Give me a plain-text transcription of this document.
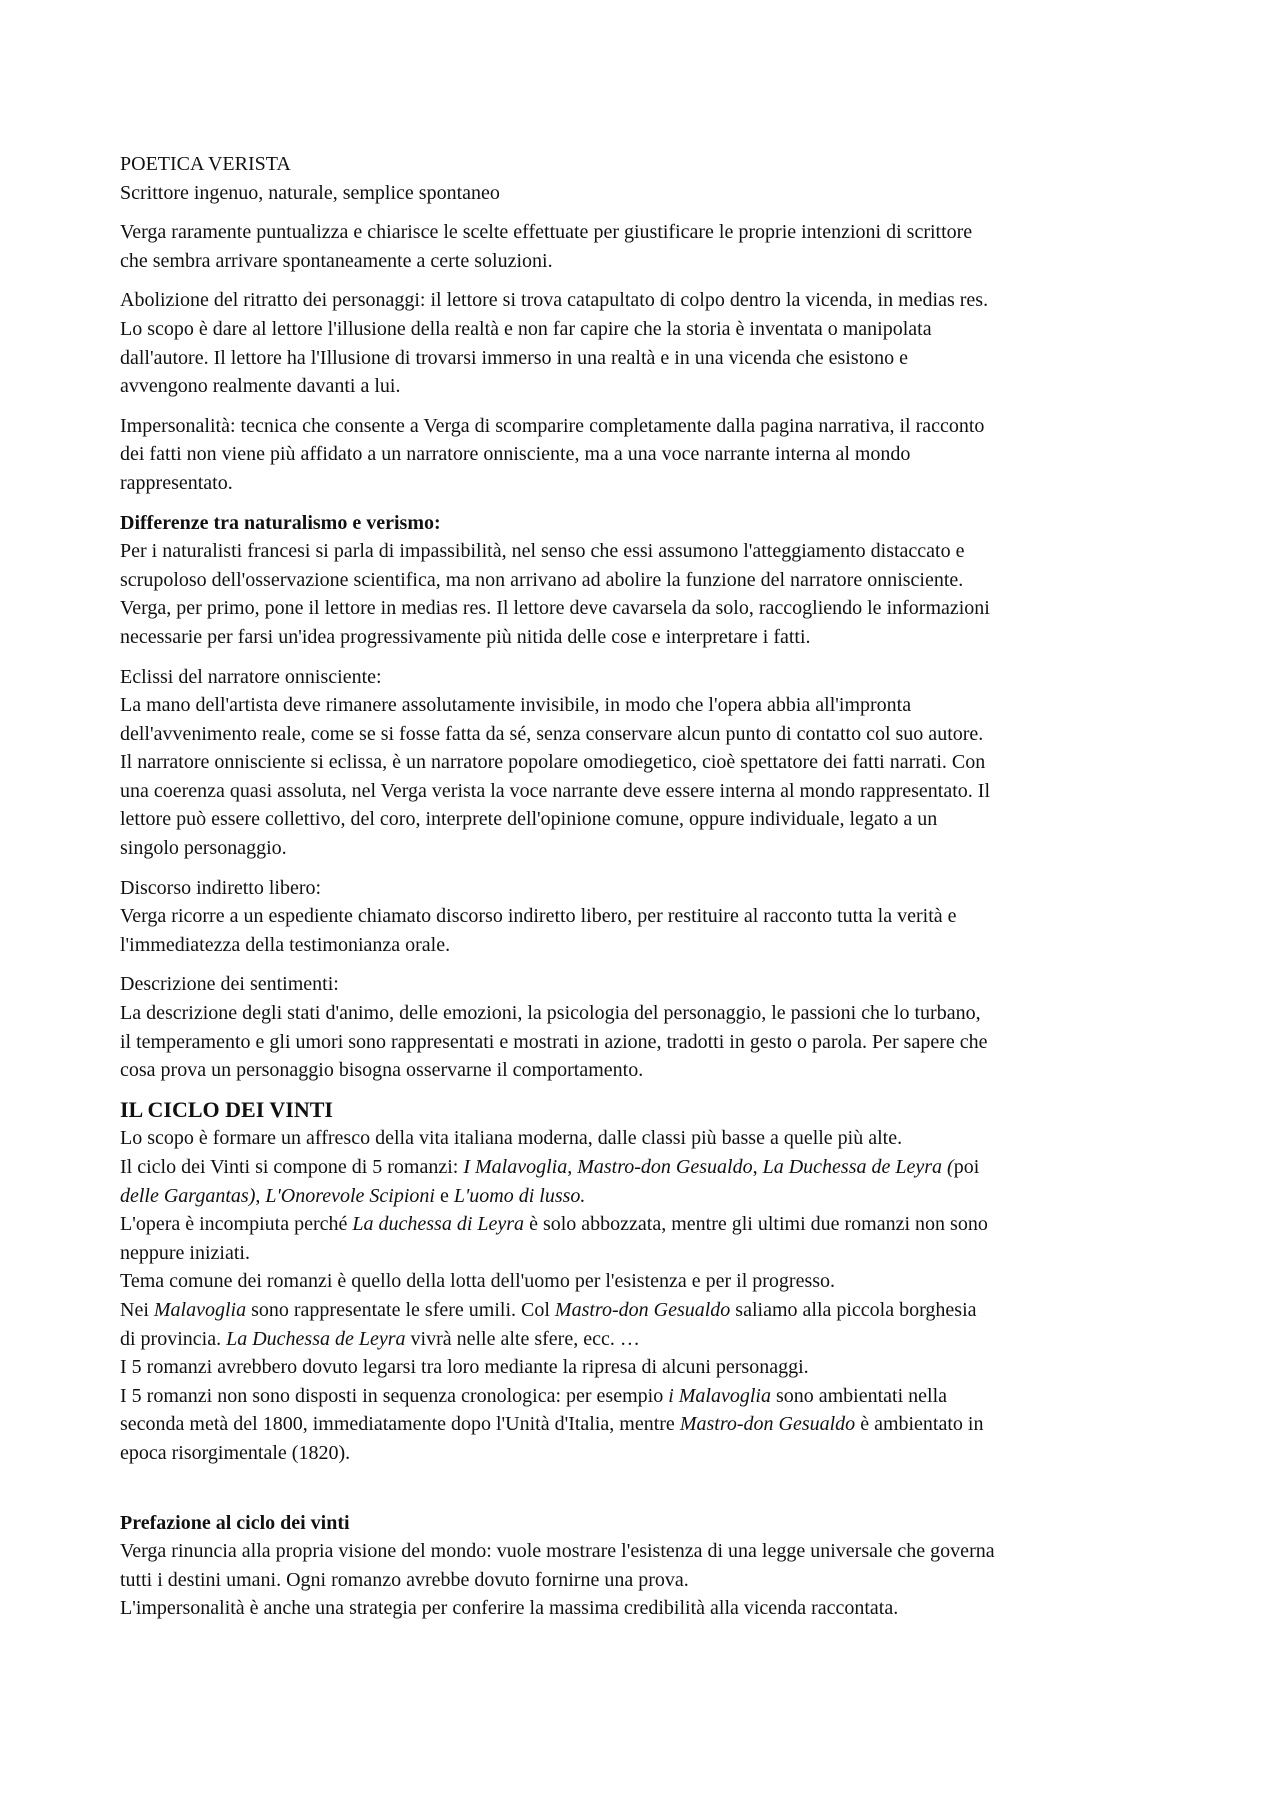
POETICA VERISTA
Scrittore ingenuo, naturale, semplice spontaneo
Verga raramente puntualizza e chiarisce le scelte effettuate per giustificare le proprie intenzioni di scrittore
che sembra arrivare spontaneamente a certe soluzioni.
Abolizione del ritratto dei personaggi: il lettore si trova catapultato di colpo dentro la vicenda, in medias res.
Lo scopo è dare al lettore l'illusione della realtà e non far capire che la storia è inventata o manipolata
dall'autore. Il lettore ha l'Illusione di trovarsi immerso in una realtà e in una vicenda che esistono e
avvengono realmente davanti a lui.
Impersonalità: tecnica che consente a Verga di scomparire completamente dalla pagina narrativa, il racconto
dei fatti non viene più affidato a un narratore onnisciente, ma a una voce narrante interna al mondo
rappresentato.
Differenze tra naturalismo e verismo:
Per i naturalisti francesi si parla di impassibilità, nel senso che essi assumono l'atteggiamento distaccato e
scrupoloso dell'osservazione scientifica, ma non arrivano ad abolire la funzione del narratore onnisciente.
Verga, per primo, pone il lettore in medias res. Il lettore deve cavarsela da solo, raccogliendo le informazioni
necessarie per farsi un'idea progressivamente più nitida delle cose e interpretare i fatti.
Eclissi del narratore onnisciente:
La mano dell'artista deve rimanere assolutamente invisibile, in modo che l'opera abbia all'impronta
dell'avvenimento reale, come se si fosse fatta da sé, senza conservare alcun punto di contatto col suo autore.
Il narratore onnisciente si eclissa, è un narratore popolare omodiegetico, cioè spettatore dei fatti narrati. Con
una coerenza quasi assoluta, nel Verga verista la voce narrante deve essere interna al mondo rappresentato. Il
lettore può essere collettivo, del coro, interprete dell'opinione comune, oppure individuale, legato a un
singolo personaggio.
Discorso indiretto libero:
Verga ricorre a un espediente chiamato discorso indiretto libero, per restituire al racconto tutta la verità e
l'immediatezza della testimonianza orale.
Descrizione dei sentimenti:
La descrizione degli stati d'animo, delle emozioni, la psicologia del personaggio, le passioni che lo turbano,
il temperamento e gli umori sono rappresentati e mostrati in azione, tradotti in gesto o parola. Per sapere che
cosa prova un personaggio bisogna osservarne il comportamento.
IL CICLO DEI VINTI
Lo scopo è formare un affresco della vita italiana moderna, dalle classi più basse a quelle più alte.
Il ciclo dei Vinti si compone di 5 romanzi: I Malavoglia, Mastro-don Gesualdo, La Duchessa de Leyra (poi
delle Gargantas), L'Onorevole Scipioni e L'uomo di lusso.
L'opera è incompiuta perché La duchessa di Leyra è solo abbozzata, mentre gli ultimi due romanzi non sono
neppure iniziati.
Tema comune dei romanzi è quello della lotta dell'uomo per l'esistenza e per il progresso.
Nei Malavoglia sono rappresentate le sfere umili. Col Mastro-don Gesualdo saliamo alla piccola borghesia
di provincia. La Duchessa de Leyra vivrà nelle alte sfere, ecc. …
I 5 romanzi avrebbero dovuto legarsi tra loro mediante la ripresa di alcuni personaggi.
I 5 romanzi non sono disposti in sequenza cronologica: per esempio i Malavoglia sono ambientati nella
seconda metà del 1800, immediatamente dopo l'Unità d'Italia, mentre Mastro-don Gesualdo è ambientato in
epoca risorgimentale (1820).
Prefazione al ciclo dei vinti
Verga rinuncia alla propria visione del mondo: vuole mostrare l'esistenza di una legge universale che governa
tutti i destini umani. Ogni romanzo avrebbe dovuto fornirne una prova.
L'impersonalità è anche una strategia per conferire la massima credibilità alla vicenda raccontata.
